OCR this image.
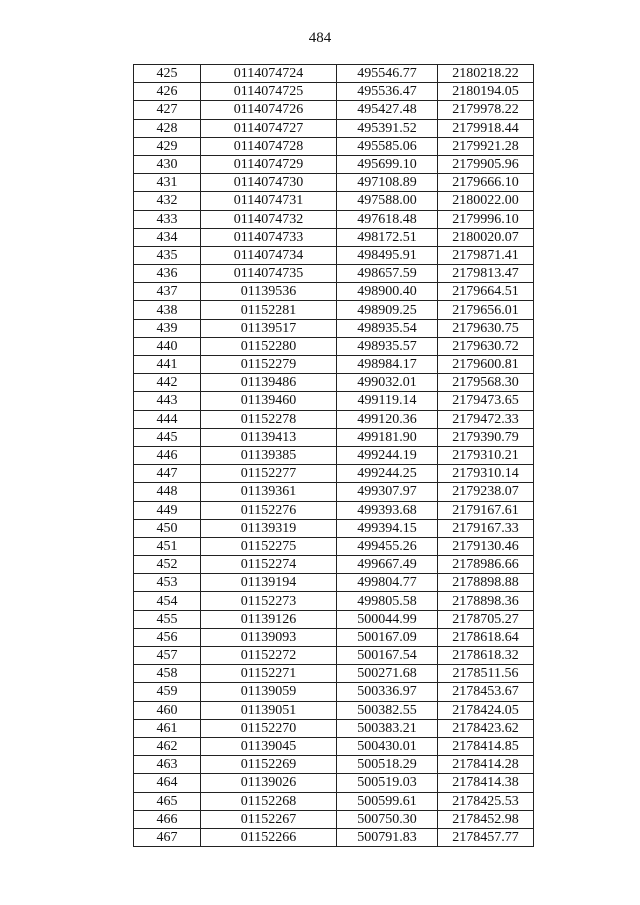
484
425	0114074724	495546.77	2180218.22
426	0114074725	495536.47	2180194.05
427	0114074726	495427.48	2179978.22
428	0114074727	495391.52	2179918.44
429	0114074728	495585.06	2179921.28
430	0114074729	495699.10	2179905.96
431	0114074730	497108.89	2179666.10
432	0114074731	497588.00	2180022.00
433	0114074732	497618.48	2179996.10
434	0114074733	498172.51	2180020.07
435	0114074734	498495.91	2179871.41
436	0114074735	498657.59	2179813.47
437	01139536	498900.40	2179664.51
438	01152281	498909.25	2179656.01
439	01139517	498935.54	2179630.75
440	01152280	498935.57	2179630.72
441	01152279	498984.17	2179600.81
442	01139486	499032.01	2179568.30
443	01139460	499119.14	2179473.65
444	01152278	499120.36	2179472.33
445	01139413	499181.90	2179390.79
446	01139385	499244.19	2179310.21
447	01152277	499244.25	2179310.14
448	01139361	499307.97	2179238.07
449	01152276	499393.68	2179167.61
450	01139319	499394.15	2179167.33
451	01152275	499455.26	2179130.46
452	01152274	499667.49	2178986.66
453	01139194	499804.77	2178898.88
454	01152273	499805.58	2178898.36
455	01139126	500044.99	2178705.27
456	01139093	500167.09	2178618.64
457	01152272	500167.54	2178618.32
458	01152271	500271.68	2178511.56
459	01139059	500336.97	2178453.67
460	01139051	500382.55	2178424.05
461	01152270	500383.21	2178423.62
462	01139045	500430.01	2178414.85
463	01152269	500518.29	2178414.28
464	01139026	500519.03	2178414.38
465	01152268	500599.61	2178425.53
466	01152267	500750.30	2178452.98
467	01152266	500791.83	2178457.77
